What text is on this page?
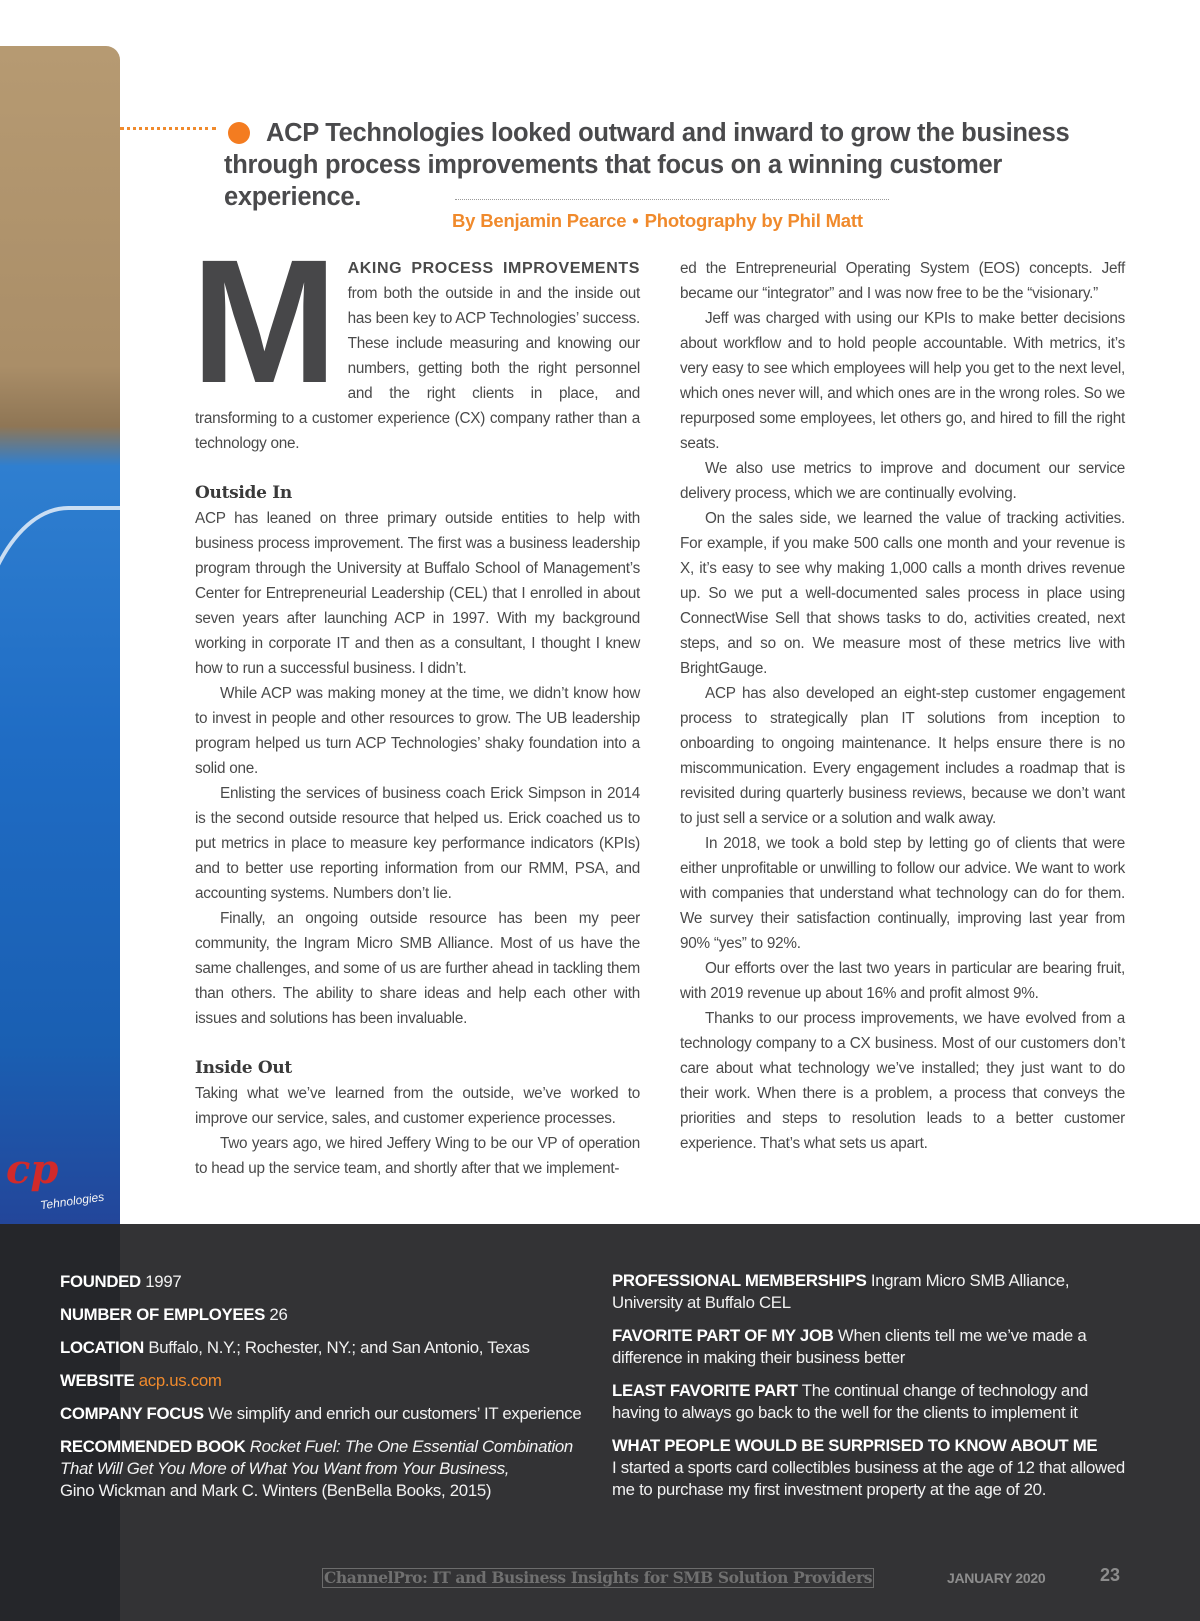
cp
Tehnologies
ACP Technologies looked outward and inward to grow the business
through process improvements that focus on a winning customer experience.
By Benjamin Pearce • Photography by Phil Matt

M	AKING PROCESS IMPROVEMENTS from both the outside in and the inside out has been key to ACP Technologies’ success. These include measuring and knowing our numbers, getting both the right personnel and the right clients in place, and transforming to a customer experience (CX) company rather than a technology one.

Outside In

ACP has leaned on three primary outside entities to help with business process improvement. The first was a business leadership program through the University at Buffalo School of Management’s Center for Entrepreneurial Leadership (CEL) that I enrolled in about seven years after launching ACP in 1997. With my background working in corporate IT and then as a consultant, I thought I knew how to run a successful business. I didn’t.

While ACP was making money at the time, we didn’t know how to invest in people and other resources to grow. The UB leadership program helped us turn ACP Technologies’ shaky foundation into a solid one.

Enlisting the services of business coach Erick Simpson in 2014 is the second outside resource that helped us. Erick coached us to put metrics in place to measure key performance indicators (KPIs) and to better use reporting information from our RMM, PSA, and accounting systems. Numbers don’t lie.

Finally, an ongoing outside resource has been my peer community, the Ingram Micro SMB Alliance. Most of us have the same challenges, and some of us are further ahead in tackling them than others. The ability to share ideas and help each other with issues and solutions has been invaluable.

Inside Out

Taking what we’ve learned from the outside, we’ve worked to improve our service, sales, and customer experience processes.

Two years ago, we hired Jeffery Wing to be our VP of operation to head up the service team, and shortly after that we implement-

ed the Entrepreneurial Operating System (EOS) concepts. Jeff became our “integrator” and I was now free to be the “visionary.”

Jeff was charged with using our KPIs to make better decisions about workflow and to hold people accountable. With metrics, it’s very easy to see which employees will help you get to the next level, which ones never will, and which ones are in the wrong roles. So we repurposed some employees, let others go, and hired to fill the right seats.

We also use metrics to improve and document our service delivery process, which we are continually evolving.

On the sales side, we learned the value of tracking activities. For example, if you make 500 calls one month and your revenue is X, it’s easy to see why making 1,000 calls a month drives revenue up. So we put a well-documented sales process in place using ConnectWise Sell that shows tasks to do, activities created, next steps, and so on. We measure most of these metrics live with BrightGauge.

ACP has also developed an eight-step customer engagement process to strategically plan IT solutions from inception to onboarding to ongoing maintenance. It helps ensure there is no miscommunication. Every engagement includes a roadmap that is revisited during quarterly business reviews, because we don’t want to just sell a service or a solution and walk away.

In 2018, we took a bold step by letting go of clients that were either unprofitable or unwilling to follow our advice. We want to work with companies that understand what technology can do for them. We survey their satisfaction continually, improving last year from 90% “yes” to 92%.

Our efforts over the last two years in particular are bearing fruit, with 2019 revenue up about 16% and profit almost 9%.

Thanks to our process improvements, we have evolved from a technology company to a CX business. Most of our customers don’t care about what technology we’ve installed; they just want to do their work. When there is a problem, a process that conveys the priorities and steps to resolution leads to a better customer experience. That’s what sets us apart.

FOUNDED 1997
NUMBER OF EMPLOYEES 26
LOCATION Buffalo, N.Y.; Rochester, NY.; and San Antonio, Texas
WEBSITE acp.us.com
COMPANY FOCUS We simplify and enrich our customers’ IT experience
RECOMMENDED BOOK Rocket Fuel: The One Essential Combination That Will Get You More of What You Want from Your Business,
Gino Wickman and Mark C. Winters (BenBella Books, 2015)
PROFESSIONAL MEMBERSHIPS Ingram Micro SMB Alliance, University at Buffalo CEL
FAVORITE PART OF MY JOB When clients tell me we’ve made a difference in making their business better
LEAST FAVORITE PART The continual change of technology and having to always go back to the well for the clients to implement it
WHAT PEOPLE WOULD BE SURPRISED TO KNOW ABOUT ME
I started a sports card collectibles business at the age of 12 that allowed me to purchase my first investment property at the age of 20.
ChannelPro: IT and Business Insights for SMB Solution Providers	JANUARY 2020	23
